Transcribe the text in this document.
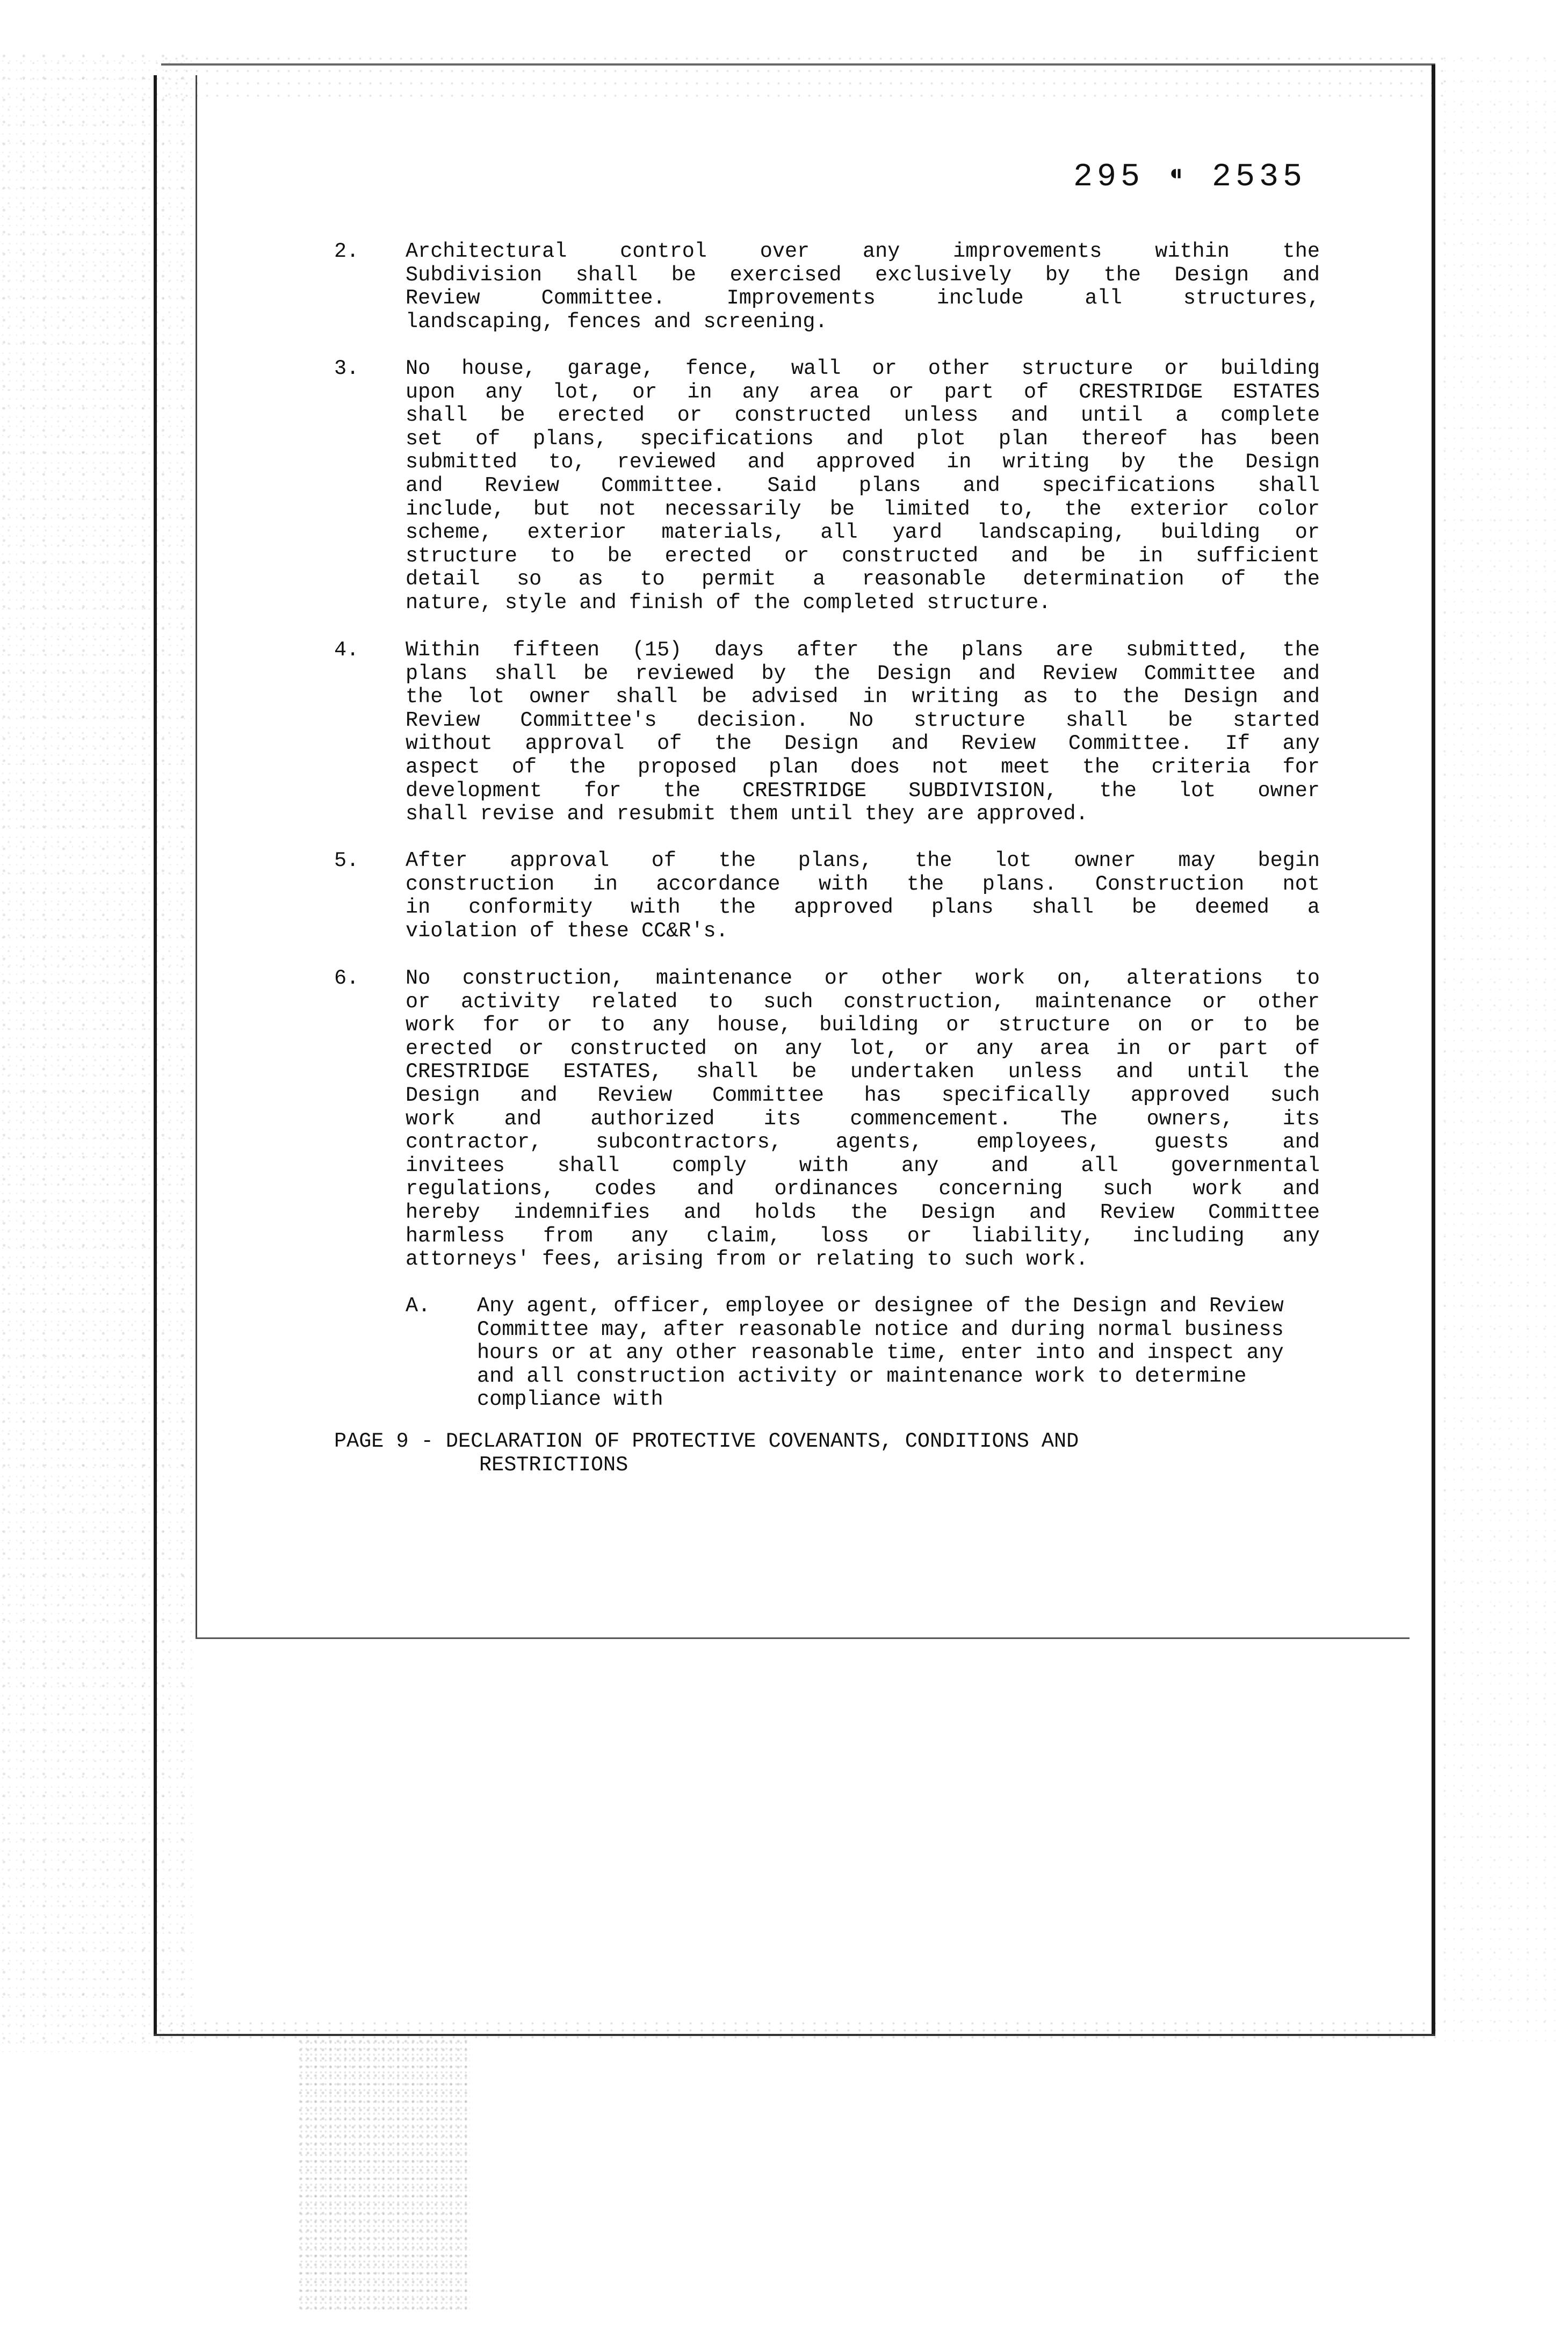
295 ⁌ 2535
2.	Architectural control over any improvements within the
Subdivision shall be exercised exclusively by the Design and
Review Committee. Improvements include all structures,
landscaping, fences and screening.
3.	No house, garage, fence, wall or other structure or building
upon any lot, or in any area or part of CRESTRIDGE ESTATES
shall be erected or constructed unless and until a complete
set of plans, specifications and plot plan thereof has been
submitted to, reviewed and approved in writing by the Design
and Review Committee. Said plans and specifications shall
include, but not necessarily be limited to, the exterior color
scheme, exterior materials, all yard landscaping, building or
structure to be erected or constructed and be in sufficient
detail so as to permit a reasonable determination of the
nature, style and finish of the completed structure.
4.	Within fifteen (15) days after the plans are submitted, the
plans shall be reviewed by the Design and Review Committee and
the lot owner shall be advised in writing as to the Design and
Review Committee's decision. No structure shall be started
without approval of the Design and Review Committee. If any
aspect of the proposed plan does not meet the criteria for
development for the CRESTRIDGE SUBDIVISION, the lot owner
shall revise and resubmit them until they are approved.
5.	After approval of the plans, the lot owner may begin
construction in accordance with the plans. Construction not
in conformity with the approved plans shall be deemed a
violation of these CC&R's.
6.	No construction, maintenance or other work on, alterations to
or activity related to such construction, maintenance or other
work for or to any house, building or structure on or to be
erected or constructed on any lot, or any area in or part of
CRESTRIDGE ESTATES, shall be undertaken unless and until the
Design and Review Committee has specifically approved such
work and authorized its commencement. The owners, its
contractor, subcontractors, agents, employees, guests and
invitees shall comply with any and all governmental
regulations, codes and ordinances concerning such work and
hereby indemnifies and holds the Design and Review Committee
harmless from any claim, loss or liability, including any
attorneys' fees, arising from or relating to such work.
A.	Any agent, officer, employee or designee of the Design and Review Committee may, after reasonable notice and during normal business hours or at any other reasonable time, enter into and inspect any and all construction activity or maintenance work to determine compliance with
PAGE 9 - DECLARATION OF PROTECTIVE COVENANTS, CONDITIONS AND
RESTRICTIONS
